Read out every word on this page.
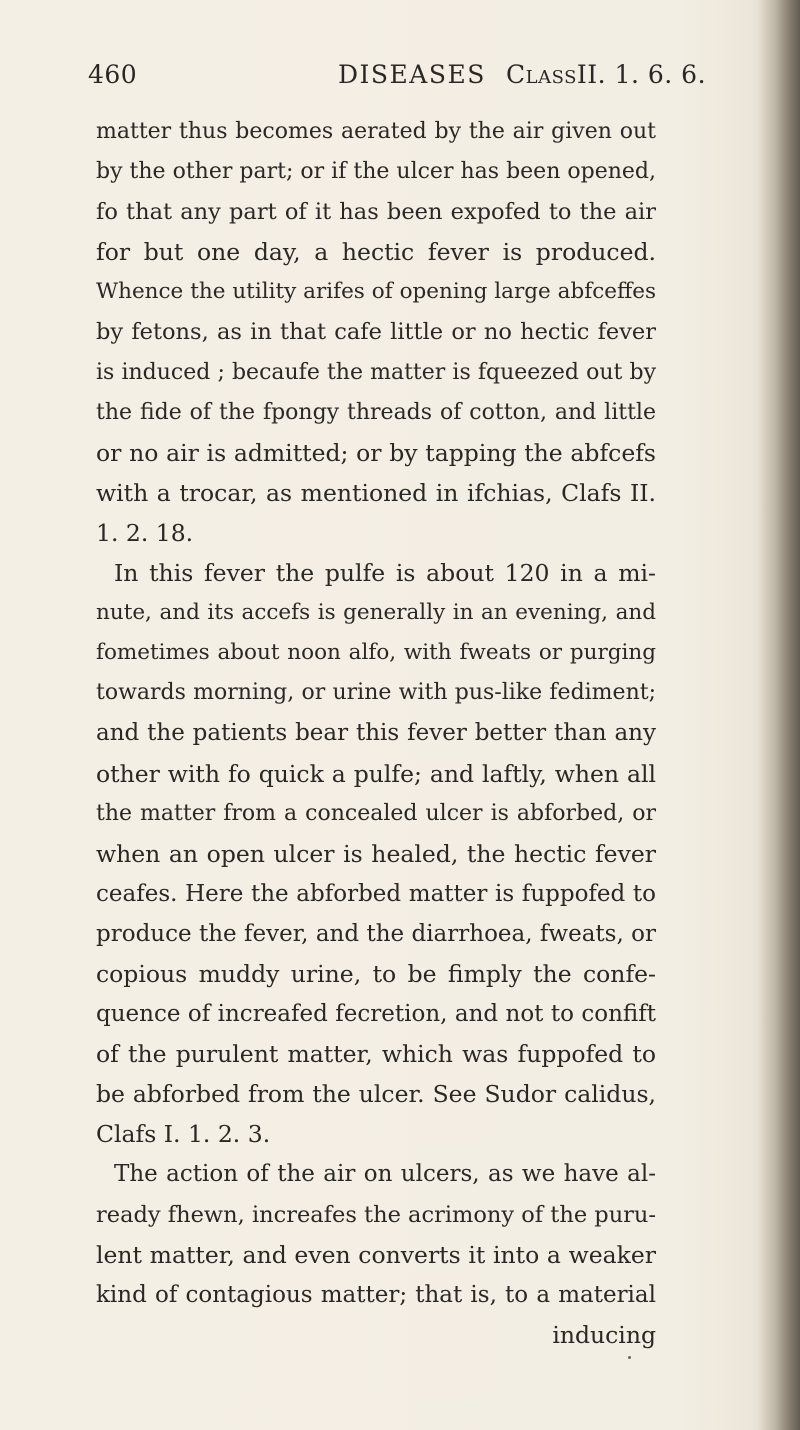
460	DISEASES ClassII. 1. 6. 6.
matter thus becomes aerated by the air given out
by the other part; or if the ulcer has been opened,
fo that any part of it has been expofed to the air
for but one day, a hectic fever is produced.
Whence the utility arifes of opening large abfceffes
by fetons, as in that cafe little or no hectic fever
is induced ; becaufe the matter is fqueezed out by
the fide of the fpongy threads of cotton, and little
or no air is admitted; or by tapping the abfcefs
with a trocar, as mentioned in ifchias, Clafs II.
1. 2. 18.
In this fever the pulfe is about 120 in a mi-
nute, and its accefs is generally in an evening, and
fometimes about noon alfo, with fweats or purging
towards morning, or urine with pus-like fediment;
and the patients bear this fever better than any
other with fo quick a pulfe; and laftly, when all
the matter from a concealed ulcer is abforbed, or
when an open ulcer is healed, the hectic fever
ceafes. Here the abforbed matter is fuppofed to
produce the fever, and the diarrhoea, fweats, or
copious muddy urine, to be fimply the confe-
quence of increafed fecretion, and not to confift
of the purulent matter, which was fuppofed to
be abforbed from the ulcer. See Sudor calidus,
Clafs I. 1. 2. 3.
The action of the air on ulcers, as we have al-
ready fhewn, increafes the acrimony of the puru-
lent matter, and even converts it into a weaker
kind of contagious matter; that is, to a material
inducing
